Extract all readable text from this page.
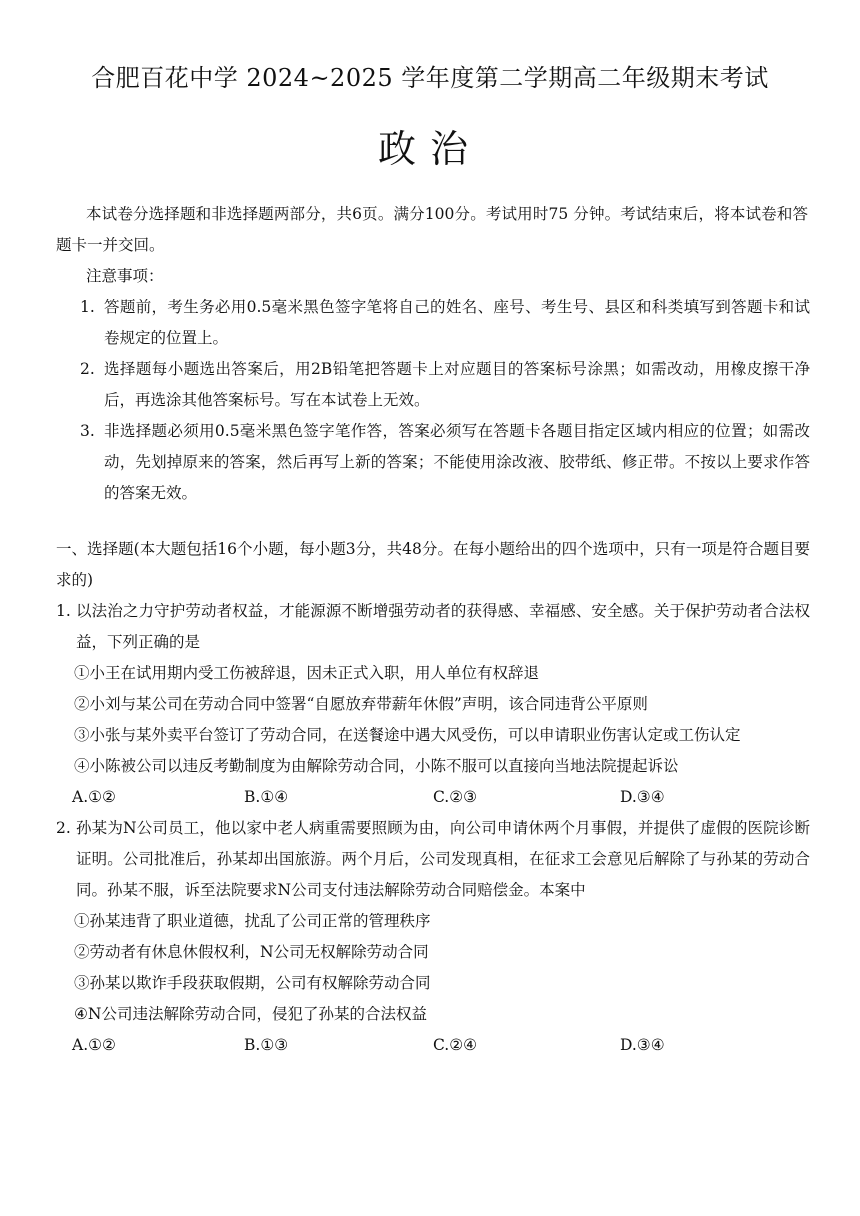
合肥百花中学 2024~2025 学年度第二学期高二年级期末考试
政治
本试卷分选择题和非选择题两部分，共6页。满分100分。考试用时75 分钟。考试结束后，将本试卷和答题卡一并交回。
注意事项：
1. 答题前，考生务必用0.5毫米黑色签字笔将自己的姓名、座号、考生号、县区和科类填写到答题卡和试卷规定的位置上。
2. 选择题每小题选出答案后，用2B铅笔把答题卡上对应题目的答案标号涂黑；如需改动，用橡皮擦干净后，再选涂其他答案标号。写在本试卷上无效。
3. 非选择题必须用0.5毫米黑色签字笔作答，答案必须写在答题卡各题目指定区域内相应的位置；如需改动，先划掉原来的答案，然后再写上新的答案；不能使用涂改液、胶带纸、修正带。不按以上要求作答的答案无效。
一、选择题(本大题包括16个小题，每小题3分，共48分。在每小题给出的四个选项中，只有一项是符合题目要求的)
1. 以法治之力守护劳动者权益，才能源源不断增强劳动者的获得感、幸福感、安全感。关于保护劳动者合法权益，下列正确的是
①小王在试用期内受工伤被辞退，因未正式入职，用人单位有权辞退
②小刘与某公司在劳动合同中签署“自愿放弃带薪年休假”声明，该合同违背公平原则
③小张与某外卖平台签订了劳动合同，在送餐途中遇大风受伤，可以申请职业伤害认定或工伤认定
④小陈被公司以违反考勤制度为由解除劳动合同，小陈不服可以直接向当地法院提起诉讼
A.①②	B.①④	C.②③	D.③④
2. 孙某为N公司员工，他以家中老人病重需要照顾为由，向公司申请休两个月事假，并提供了虚假的医院诊断证明。公司批准后，孙某却出国旅游。两个月后，公司发现真相，在征求工会意见后解除了与孙某的劳动合同。孙某不服，诉至法院要求N公司支付违法解除劳动合同赔偿金。本案中
①孙某违背了职业道德，扰乱了公司正常的管理秩序
②劳动者有休息休假权利，N公司无权解除劳动合同
③孙某以欺诈手段获取假期，公司有权解除劳动合同
④N公司违法解除劳动合同，侵犯了孙某的合法权益
A.①②	B.①③	C.②④	D.③④
